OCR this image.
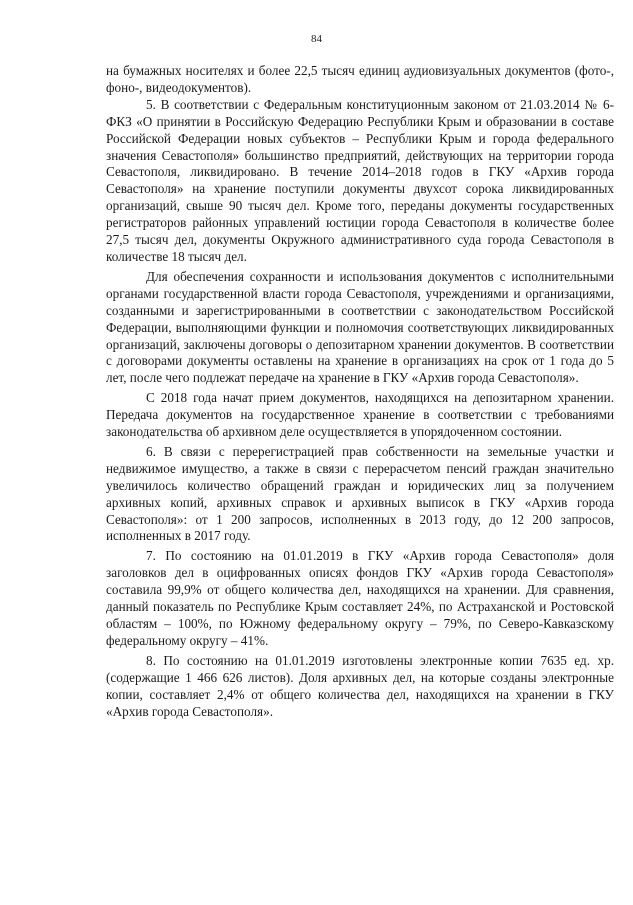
84

на бумажных носителях и более 22,5 тысяч единиц аудиовизуальных документов (фото-, фоно-, видеодокументов).

5. В соответствии с Федеральным конституционным законом от 21.03.2014 № 6-ФКЗ «О принятии в Российскую Федерацию Республики Крым и образовании в составе Российской Федерации новых субъектов – Республики Крым и города федерального значения Севастополя» большинство предприятий, действующих на территории города Севастополя, ликвидировано. В течение 2014–2018 годов в ГКУ «Архив города Севастополя» на хранение поступили документы двухсот сорока ликвидированных организаций, свыше 90 тысяч дел. Кроме того, переданы документы государственных регистраторов районных управлений юстиции города Севастополя в количестве более 27,5 тысяч дел, документы Окружного административного суда города Севастополя в количестве 18 тысяч дел.

Для обеспечения сохранности и использования документов с исполнительными органами государственной власти города Севастополя, учреждениями и организациями, созданными и зарегистрированными в соответствии с законодательством Российской Федерации, выполняющими функции и полномочия соответствующих ликвидированных организаций, заключены договоры о депозитарном хранении документов. В соответствии с договорами документы оставлены на хранение в организациях на срок от 1 года до 5 лет, после чего подлежат передаче на хранение в ГКУ «Архив города Севастополя».

С 2018 года начат прием документов, находящихся на депозитарном хранении. Передача документов на государственное хранение в соответствии с требованиями законодательства об архивном деле осуществляется в упорядоченном состоянии.

6. В связи с перерегистрацией прав собственности на земельные участки и недвижимое имущество, а также в связи с перерасчетом пенсий граждан значительно увеличилось количество обращений граждан и юридических лиц за получением архивных копий, архивных справок и архивных выписок в ГКУ «Архив города Севастополя»: от 1 200 запросов, исполненных в 2013 году, до 12 200 запросов, исполненных в 2017 году.

7. По состоянию на 01.01.2019 в ГКУ «Архив города Севастополя» доля заголовков дел в оцифрованных описях фондов ГКУ «Архив города Севастополя» составила 99,9% от общего количества дел, находящихся на хранении. Для сравнения, данный показатель по Республике Крым составляет 24%, по Астраханской и Ростовской областям – 100%, по Южному федеральному округу – 79%, по Северо-Кавказскому федеральному округу – 41%.

8. По состоянию на 01.01.2019 изготовлены электронные копии 7635 ед. хр. (содержащие 1 466 626 листов). Доля архивных дел, на которые созданы электронные копии, составляет 2,4% от общего количества дел, находящихся на хранении в ГКУ «Архив города Севастополя».
